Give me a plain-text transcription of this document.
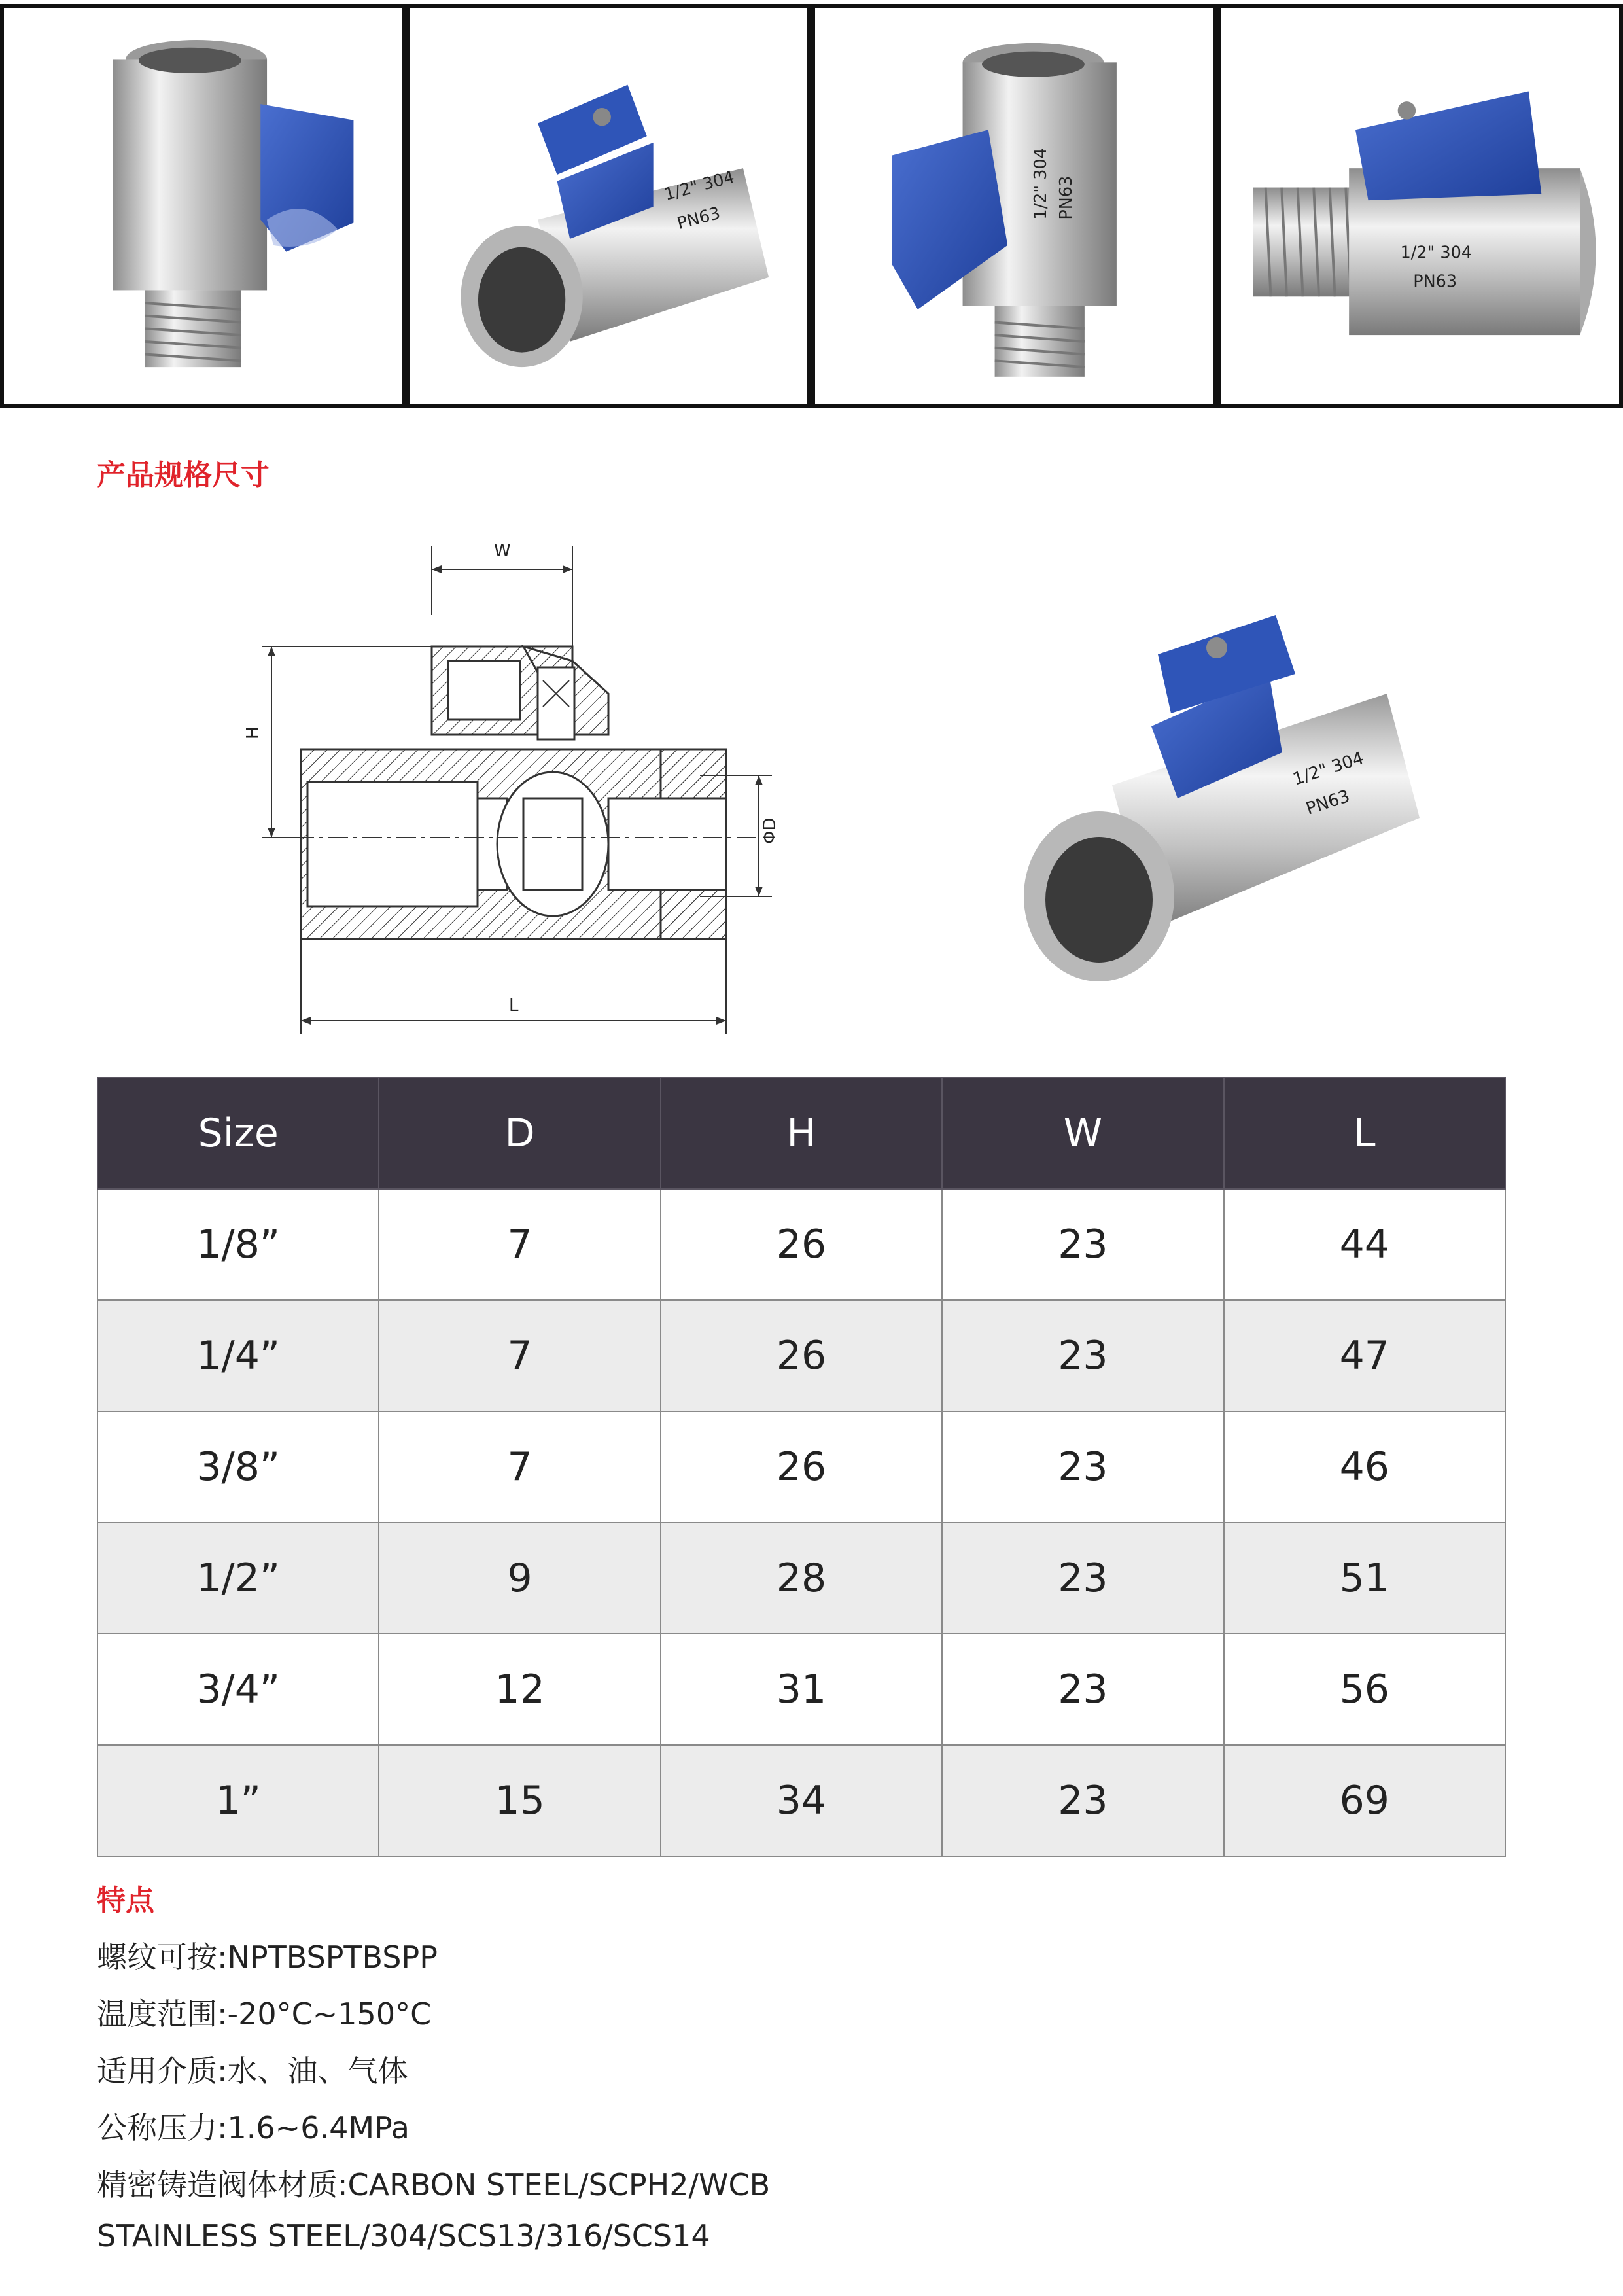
1/2" 304
PN63	1/2" 304 PN63
1/2" 304
PN63
产品规格尺寸
W
H
ΦD
L
1/2" 304
PN63
Size	D	H	W	L
1/8”	7	26	23	44
1/4”	7	26	23	47
3/8”	7	26	23	46
1/2”	9	28	23	51
3/4”	12	31	23	56
1”	15	34	23	69
特点
螺纹可按:NPTBSPTBSPP
温度范围:-20°C~150°C
适用介质:水、油、气体
公称压力:1.6~6.4MPa
精密铸造阀体材质:CARBON STEEL/SCPH2/WCB
STAINLESS STEEL/304/SCS13/316/SCS14
